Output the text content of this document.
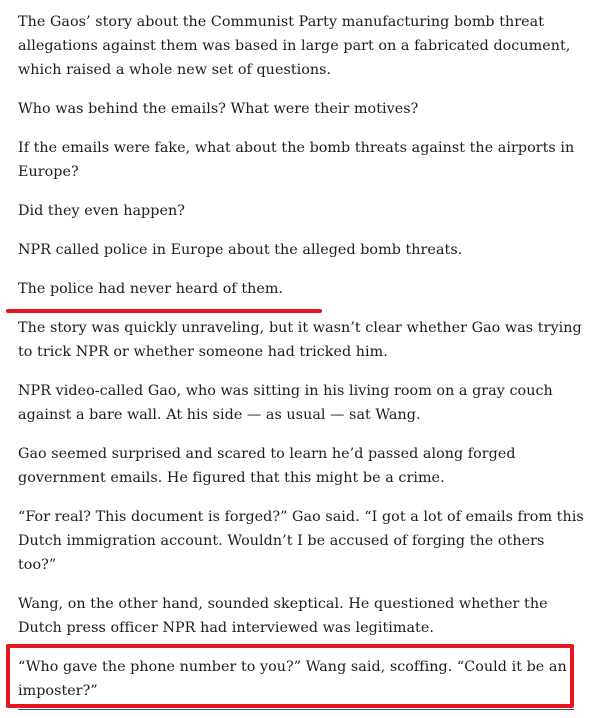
The Gaos’ story about the Communist Party manufacturing bomb threat allegations against them was based in large part on a fabricated document, which raised a whole new set of questions.

Who was behind the emails? What were their motives?

If the emails were fake, what about the bomb threats against the airports in Europe?

Did they even happen?

NPR called police in Europe about the alleged bomb threats.

The police had never heard of them.

The story was quickly unraveling, but it wasn’t clear whether Gao was trying to trick NPR or whether someone had tricked him.

NPR video-called Gao, who was sitting in his living room on a gray couch against a bare wall. At his side — as usual — sat Wang.

Gao seemed surprised and scared to learn he’d passed along forged government emails. He figured that this might be a crime.

“For real? This document is forged?” Gao said. “I got a lot of emails from this Dutch immigration account. Wouldn’t I be accused of forging the others too?”

Wang, on the other hand, sounded skeptical. He questioned whether the Dutch press officer NPR had interviewed was legitimate.

“Who gave the phone number to you?” Wang said, scoffing. “Could it be an imposter?”
